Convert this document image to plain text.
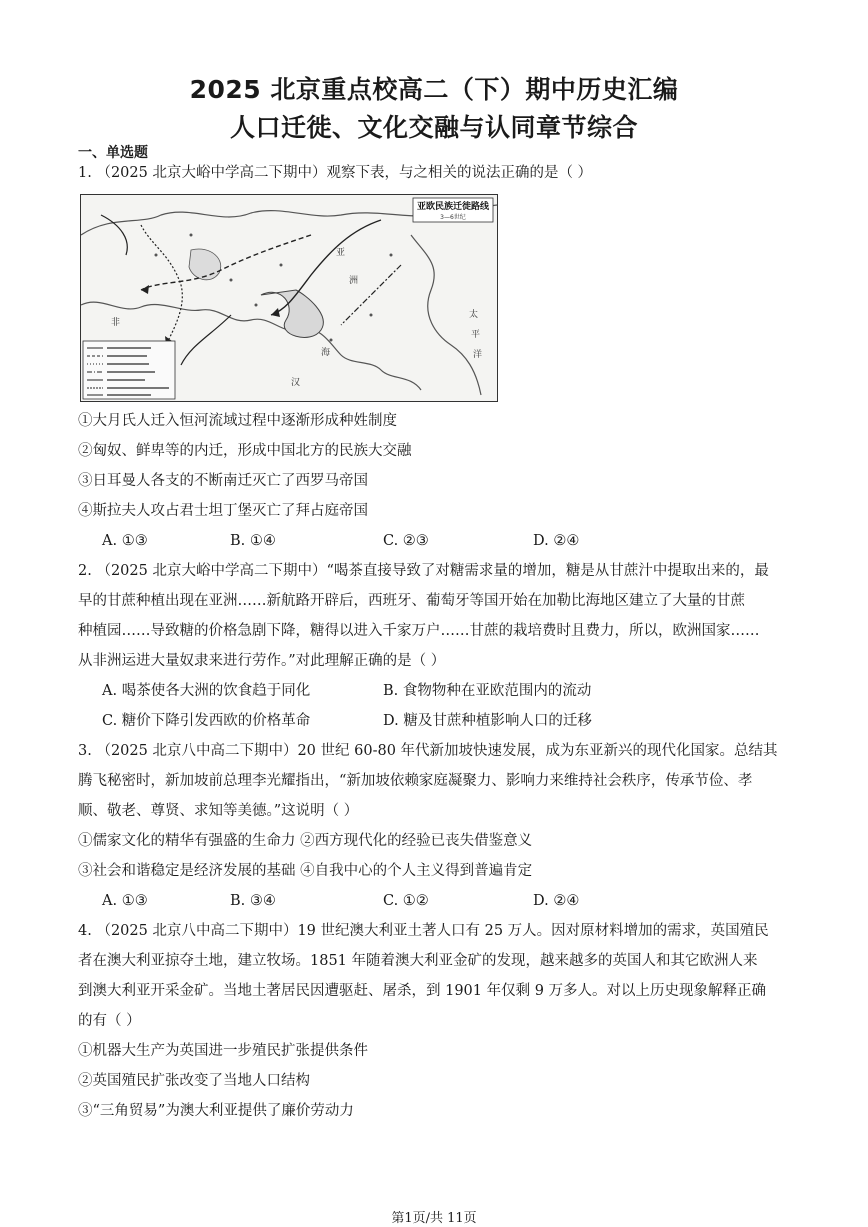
2025 北京重点校高二（下）期中历史汇编
人口迁徙、文化交融与认同章节综合
一、单选题
1. （2025 北京大峪中学高二下期中）观察下表，与之相关的说法正确的是（ ）
亚欧民族迁徙路线
3—6世纪
亚
洲
海
太
平
洋
汉
非
①大月氏人迁入恒河流域过程中逐渐形成种姓制度
②匈奴、鲜卑等的内迁，形成中国北方的民族大交融
③日耳曼人各支的不断南迁灭亡了西罗马帝国
④斯拉夫人攻占君士坦丁堡灭亡了拜占庭帝国
A. ①③	B. ①④	C. ②③	D. ②④
2. （2025 北京大峪中学高二下期中）“喝茶直接导致了对糖需求量的增加，糖是从甘蔗汁中提取出来的，最
早的甘蔗种植出现在亚洲……新航路开辟后，西班牙、葡萄牙等国开始在加勒比海地区建立了大量的甘蔗
种植园……导致糖的价格急剧下降，糖得以进入千家万户……甘蔗的栽培费时且费力，所以，欧洲国家……
从非洲运进大量奴隶来进行劳作。”对此理解正确的是（ ）
A. 喝茶使各大洲的饮食趋于同化	B. 食物物种在亚欧范围内的流动
C. 糖价下降引发西欧的价格革命	D. 糖及甘蔗种植影响人口的迁移
3. （2025 北京八中高二下期中）20 世纪 60-80 年代新加坡快速发展，成为东亚新兴的现代化国家。总结其
腾飞秘密时，新加坡前总理李光耀指出，“新加坡依赖家庭凝聚力、影响力来维持社会秩序，传承节俭、孝
顺、敬老、尊贤、求知等美德。”这说明（ ）
①儒家文化的精华有强盛的生命力 ②西方现代化的经验已丧失借鉴意义
③社会和谐稳定是经济发展的基础 ④自我中心的个人主义得到普遍肯定
A. ①③	B. ③④	C. ①②	D. ②④
4. （2025 北京八中高二下期中）19 世纪澳大利亚土著人口有 25 万人。因对原材料增加的需求，英国殖民
者在澳大利亚掠夺土地，建立牧场。1851 年随着澳大利亚金矿的发现，越来越多的英国人和其它欧洲人来
到澳大利亚开采金矿。当地土著居民因遭驱赶、屠杀，到 1901 年仅剩 9 万多人。对以上历史现象解释正确
的有（ ）
①机器大生产为英国进一步殖民扩张提供条件
②英国殖民扩张改变了当地人口结构
③“三角贸易”为澳大利亚提供了廉价劳动力
第1页/共 11页
